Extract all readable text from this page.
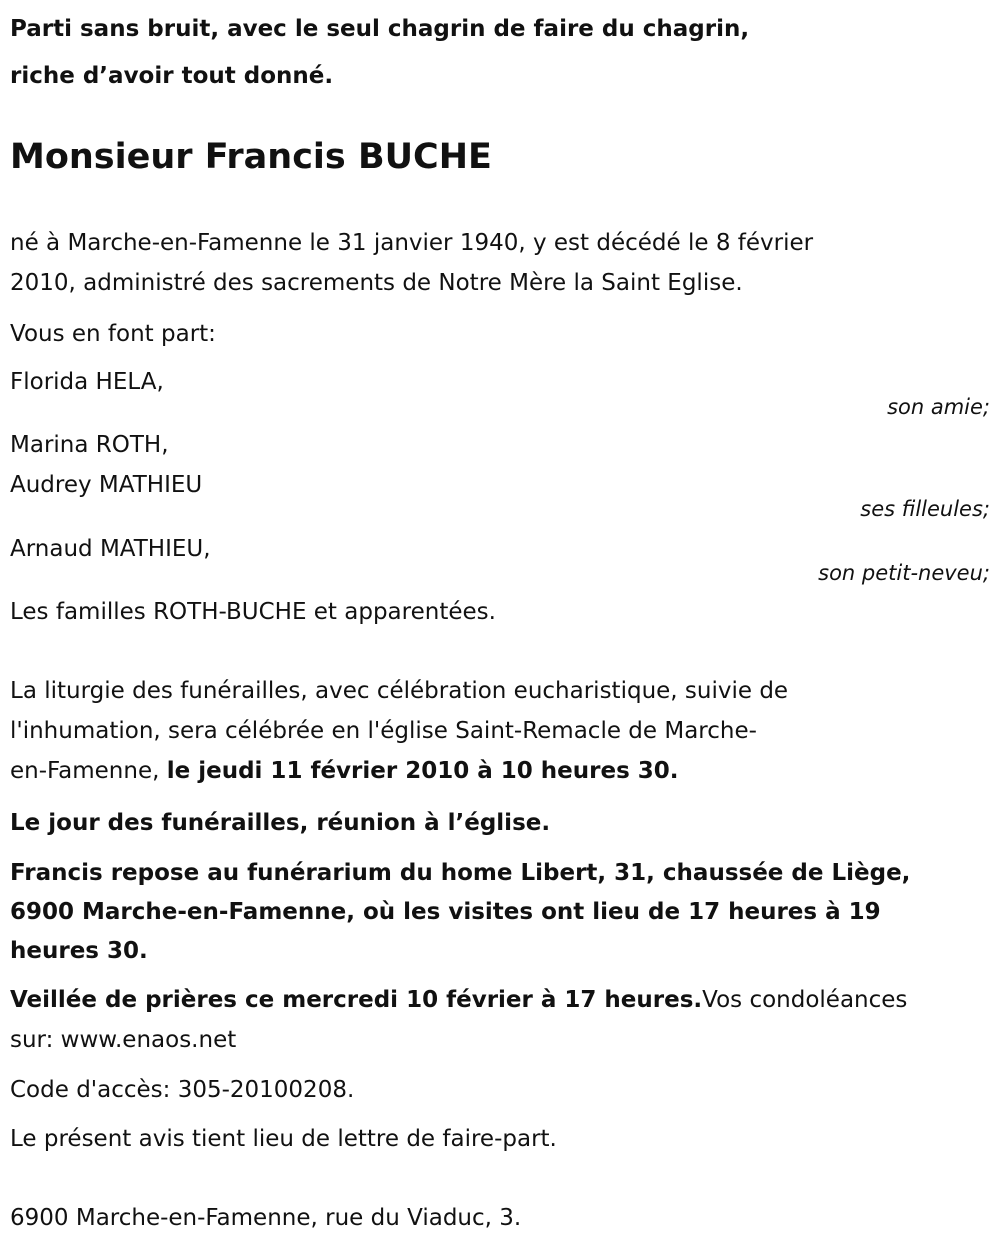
Parti sans bruit, avec le seul chagrin de faire du chagrin,
riche d’avoir tout donné.
Monsieur Francis BUCHE
né à Marche-en-Famenne le 31 janvier 1940, y est décédé le 8 février
2010, administré des sacrements de Notre Mère la Saint Eglise.
Vous en font part:
Florida HELA,
son amie;
Marina ROTH,
Audrey MATHIEU
ses filleules;
Arnaud MATHIEU,
son petit-neveu;
Les familles ROTH-BUCHE et apparentées.
La liturgie des funérailles, avec célébration eucharistique, suivie de
l'inhumation, sera célébrée en l'église Saint-Remacle de Marche-
en-Famenne, le jeudi 11 février 2010 à 10 heures 30.
Le jour des funérailles, réunion à l’église.
Francis repose au funérarium du home Libert, 31, chaussée de Liège,
6900 Marche-en-Famenne, où les visites ont lieu de 17 heures à 19
heures 30.
Veillée de prières ce mercredi 10 février à 17 heures.Vos condoléances
sur: www.enaos.net
Code d'accès: 305-20100208.
Le présent avis tient lieu de lettre de faire-part.
6900 Marche-en-Famenne, rue du Viaduc, 3.
